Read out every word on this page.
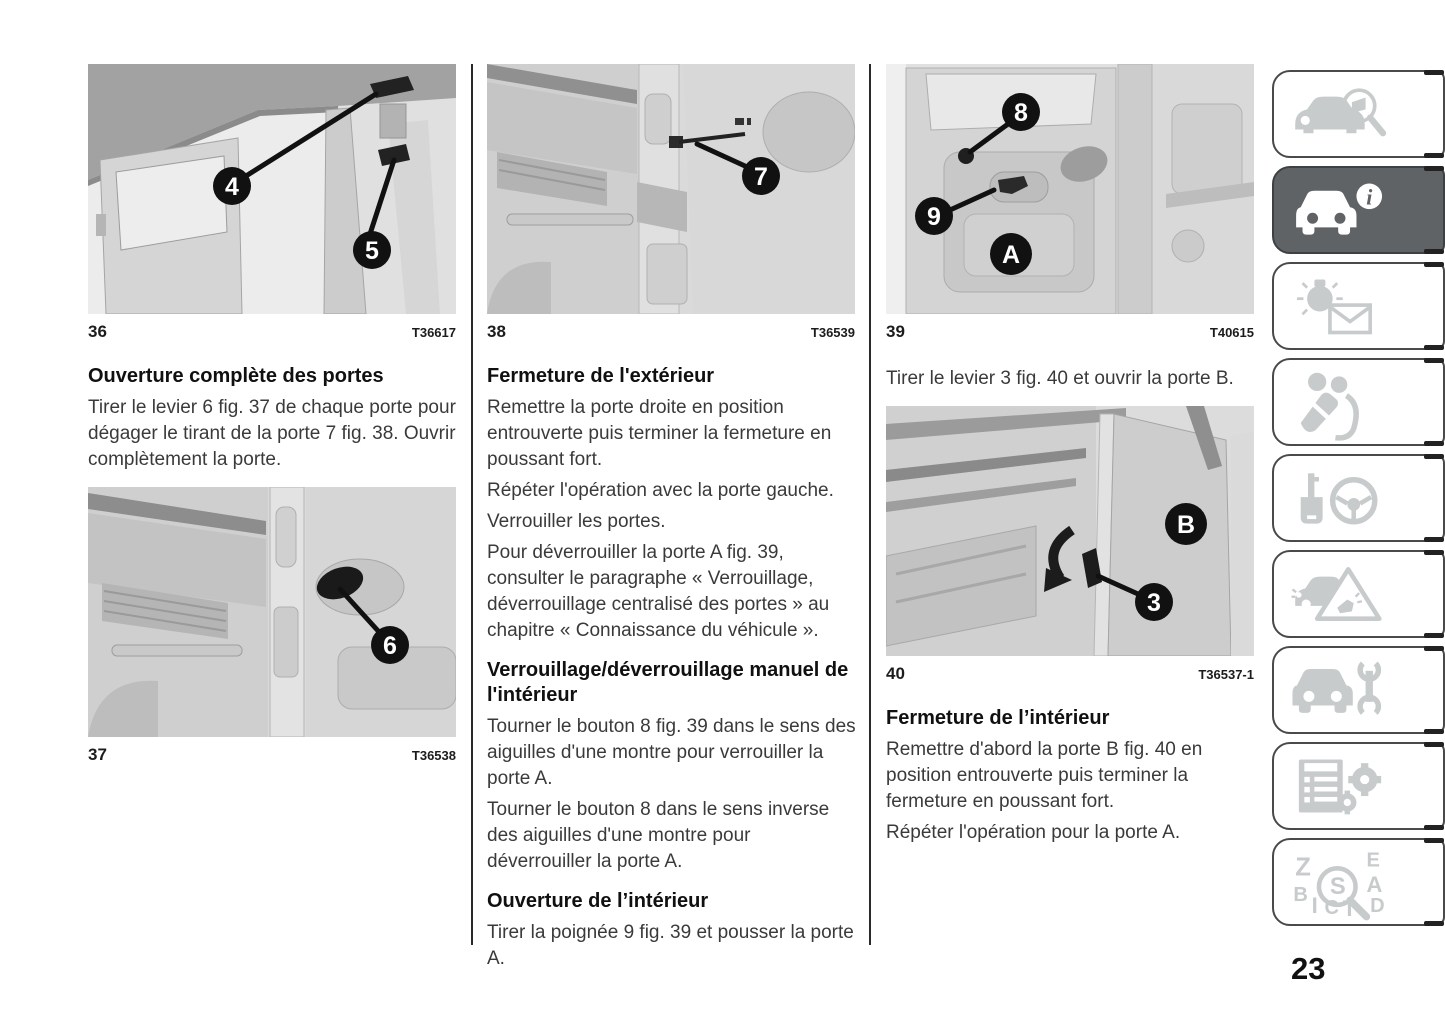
4
5
36	T36617
Ouverture complète des portes

Tirer le levier 6 fig. 37 de chaque porte pour dégager le tirant de la porte 7 fig. 38. Ouvrir complètement la porte.

6
37	T36538
7
38	T36539
Fermeture de l'extérieur

Remettre la porte droite en position entrouverte puis terminer la fermeture en poussant fort.

Répéter l'opération avec la porte gauche.

Verrouiller les portes.

Pour déverrouiller la porte A fig. 39, consulter le paragraphe « Verrouillage, déverrouillage centralisé des portes » au chapitre « Connaissance du véhicule ».

Verrouillage/déverrouillage manuel de l'intérieur

Tourner le bouton 8 fig. 39 dans le sens des aiguilles d'une montre pour verrouiller la porte A.

Tourner le bouton 8 dans le sens inverse des aiguilles d'une montre pour déverrouiller la porte A.

Ouverture de l’intérieur

Tirer la poignée 9 fig. 39 et pousser la porte A.

A
8
9
39	T40615

Tirer le levier 3 fig. 40 et ouvrir la porte B.

B
3
40	T36537-1
Fermeture de l’intérieur

Remettre d'abord la porte B fig. 40 en position entrouverte puis terminer la fermeture en poussant fort.

Répéter l'opération pour la porte A.

i
Z	E
B A
D
I C T
S
23
